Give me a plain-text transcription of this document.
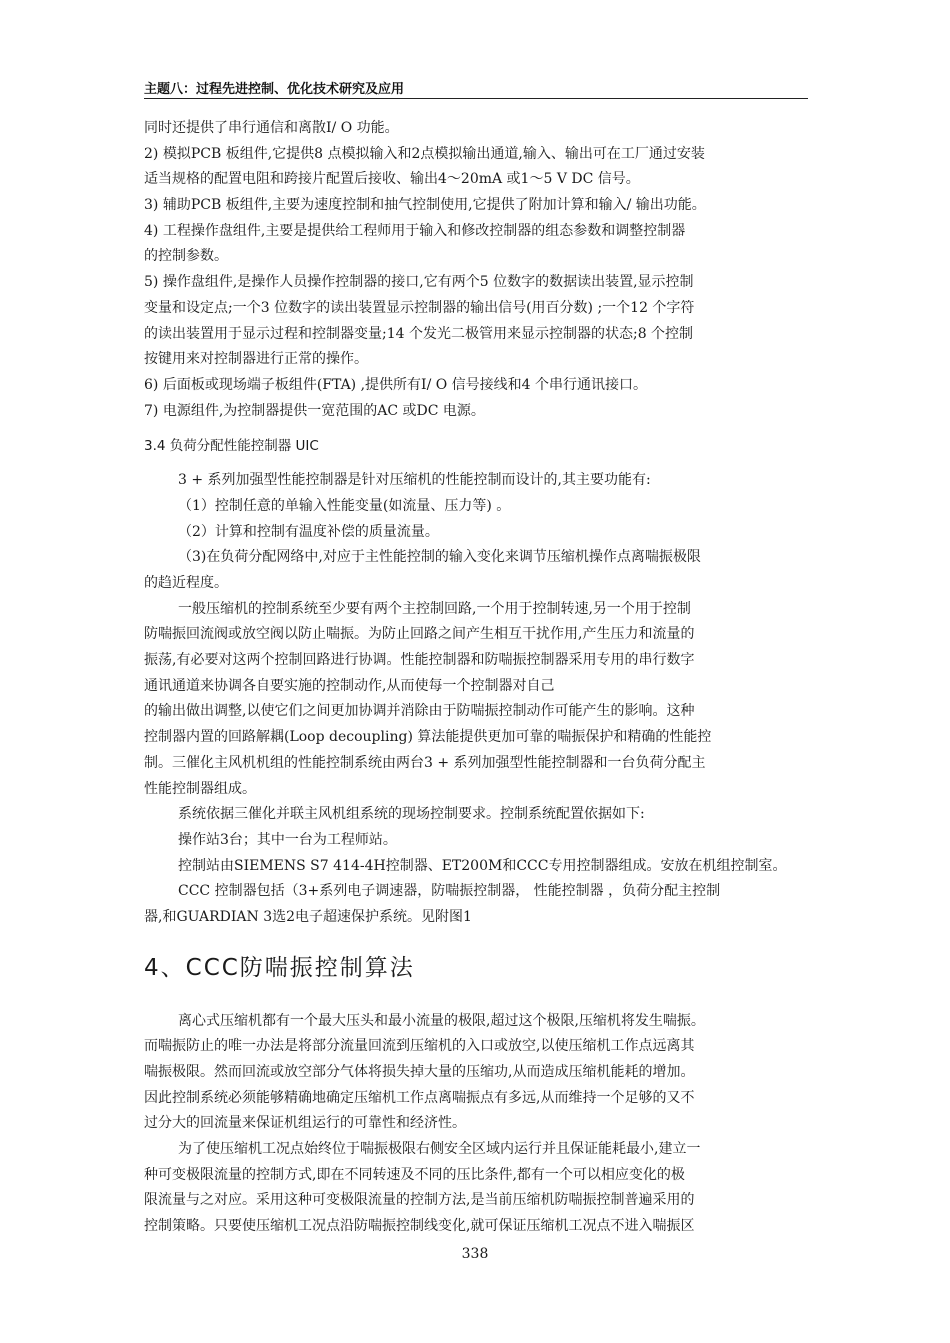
主题八：过程先进控制、优化技术研究及应用
同时还提供了串行通信和离散I/ O 功能。
2) 模拟PCB 板组件,它提供8 点模拟输入和2点模拟输出通道,输入、输出可在工厂通过安装
适当规格的配置电阻和跨接片配置后接收、输出4～20mA 或1～5 V DC 信号。
3) 辅助PCB 板组件,主要为速度控制和抽气控制使用,它提供了附加计算和输入/ 输出功能。
4) 工程操作盘组件,主要是提供给工程师用于输入和修改控制器的组态参数和调整控制器
的控制参数。
5) 操作盘组件,是操作人员操作控制器的接口,它有两个5 位数字的数据读出装置,显示控制
变量和设定点;一个3 位数字的读出装置显示控制器的输出信号(用百分数) ;一个12 个字符
的读出装置用于显示过程和控制器变量;14 个发光二极管用来显示控制器的状态;8 个控制
按键用来对控制器进行正常的操作。
6) 后面板或现场端子板组件(FTA) ,提供所有I/ O 信号接线和4 个串行通讯接口。
7) 电源组件,为控制器提供一宽范围的AC 或DC 电源。
3.4 负荷分配性能控制器 UIC
3 + 系列加强型性能控制器是针对压缩机的性能控制而设计的,其主要功能有:
（1）控制任意的单输入性能变量(如流量、压力等) 。
（2）计算和控制有温度补偿的质量流量。
（3)在负荷分配网络中,对应于主性能控制的输入变化来调节压缩机操作点离喘振极限
的趋近程度。
一般压缩机的控制系统至少要有两个主控制回路,一个用于控制转速,另一个用于控制
防喘振回流阀或放空阀以防止喘振。为防止回路之间产生相互干扰作用,产生压力和流量的
振荡,有必要对这两个控制回路进行协调。性能控制器和防喘振控制器采用专用的串行数字
通讯通道来协调各自要实施的控制动作,从而使每一个控制器对自己
的输出做出调整,以使它们之间更加协调并消除由于防喘振控制动作可能产生的影响。这种
控制器内置的回路解耦(Loop decoupling) 算法能提供更加可靠的喘振保护和精确的性能控
制。三催化主风机机组的性能控制系统由两台3 + 系列加强型性能控制器和一台负荷分配主
性能控制器组成。
系统依据三催化并联主风机组系统的现场控制要求。控制系统配置依据如下:
操作站3台；其中一台为工程师站。
控制站由SIEMENS S7 414-4H控制器、ET200M和CCC专用控制器组成。安放在机组控制室。
CCC 控制器包括（3+系列电子调速器，防喘振控制器， 性能控制器 ，负荷分配主控制
器,和GUARDIAN 3选2电子超速保护系统。见附图1
4、CCC防喘振控制算法
离心式压缩机都有一个最大压头和最小流量的极限,超过这个极限,压缩机将发生喘振。
而喘振防止的唯一办法是将部分流量回流到压缩机的入口或放空,以使压缩机工作点远离其
喘振极限。然而回流或放空部分气体将损失掉大量的压缩功,从而造成压缩机能耗的增加。
因此控制系统必须能够精确地确定压缩机工作点离喘振点有多远,从而维持一个足够的又不
过分大的回流量来保证机组运行的可靠性和经济性。
为了使压缩机工况点始终位于喘振极限右侧安全区域内运行并且保证能耗最小,建立一
种可变极限流量的控制方式,即在不同转速及不同的压比条件,都有一个可以相应变化的极
限流量与之对应。采用这种可变极限流量的控制方法,是当前压缩机防喘振控制普遍采用的
控制策略。只要使压缩机工况点沿防喘振控制线变化,就可保证压缩机工况点不进入喘振区
338
